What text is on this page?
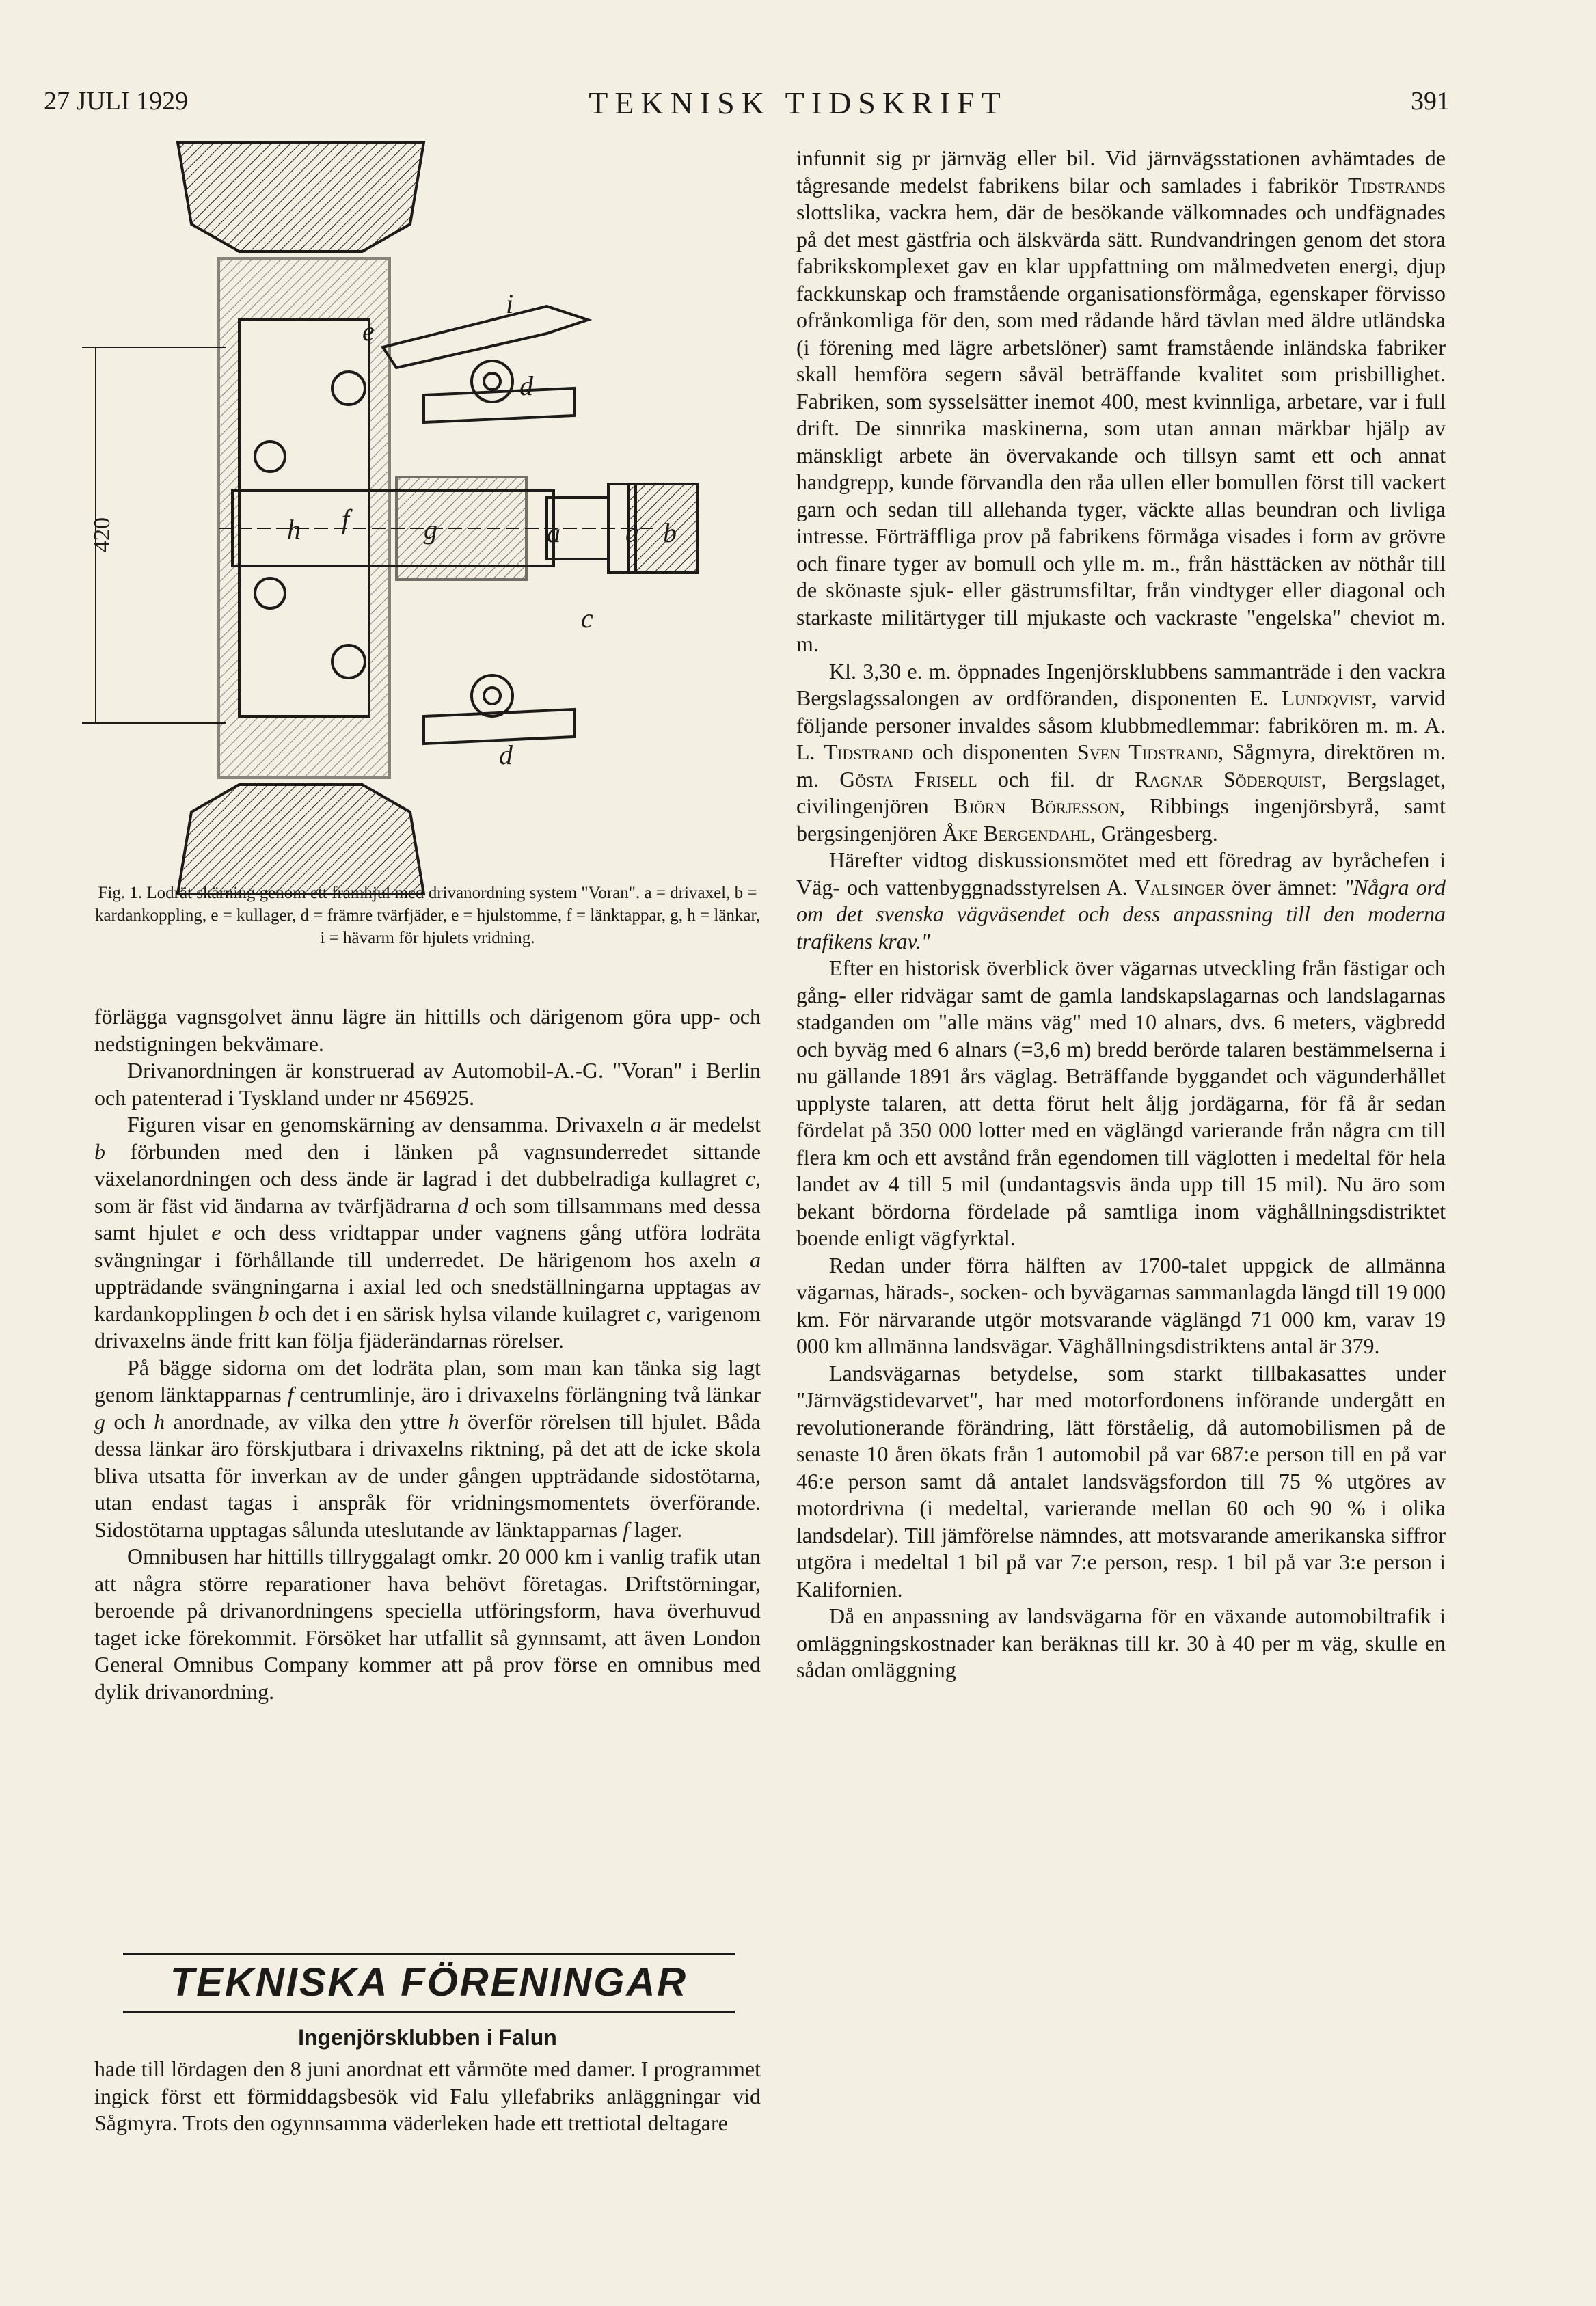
27 JULI 1929	TEKNISK TIDSKRIFT	391
e
i
d
h f	g	a a b
c
d
420
Fig. 1. Lodrät skärning genom ett framhjul med drivanordning system "Voran". a = drivaxel, b = kardankoppling, e = kullager, d = främre tvärfjäder, e = hjulstomme, f = länktappar, g, h = länkar, i = hävarm för hjulets vridning.

förlägga vagnsgolvet ännu lägre än hittills och därigenom göra upp- och nedstigningen bekvämare.

Drivanordningen är konstruerad av Automobil-A.-G. "Voran" i Berlin och patenterad i Tyskland under nr 456925.

Figuren visar en genomskärning av densamma. Drivaxeln a är medelst b förbunden med den i länken på vagnsunderredet sittande växelanordningen och dess ände är lagrad i det dubbelradiga kullagret c, som är fäst vid ändarna av tvärfjädrarna d och som tillsammans med dessa samt hjulet e och dess vridtappar under vagnens gång utföra lodräta svängningar i förhållande till underredet. De härigenom hos axeln a uppträdande svängningarna i axial led och snedställningarna upptagas av kardankopplingen b och det i en särisk hylsa vilande kuilagret c, varigenom drivaxelns ände fritt kan följa fjäderändarnas rörelser.

På bägge sidorna om det lodräta plan, som man kan tänka sig lagt genom länktapparnas f centrumlinje, äro i drivaxelns förlängning två länkar g och h anordnade, av vilka den yttre h överför rörelsen till hjulet. Båda dessa länkar äro förskjutbara i drivaxelns riktning, på det att de icke skola bliva utsatta för inverkan av de under gången uppträdande sidostötarna, utan endast tagas i anspråk för vridningsmomentets överförande. Sidostötarna upptagas sålunda uteslutande av länktapparnas f lager.

Omnibusen har hittills tillryggalagt omkr. 20 000 km i vanlig trafik utan att några större reparationer hava behövt företagas. Driftstörningar, beroende på drivanordningens speciella utföringsform, hava överhuvud taget icke förekommit. Försöket har utfallit så gynnsamt, att även London General Omnibus Company kommer att på prov förse en omnibus med dylik drivanordning.

TEKNISKA FÖRENINGAR
Ingenjörsklubben i Falun

hade till lördagen den 8 juni anordnat ett vårmöte med damer. I programmet ingick först ett förmiddagsbesök vid Falu yllefabriks anläggningar vid Sågmyra. Trots den ogynnsamma väderleken hade ett trettiotal deltagare

infunnit sig pr järnväg eller bil. Vid järnvägsstationen avhämtades de tågresande medelst fabrikens bilar och samlades i fabrikör Tidstrands slottslika, vackra hem, där de besökande välkomnades och undfägnades på det mest gästfria och älskvärda sätt. Rundvandringen genom det stora fabrikskomplexet gav en klar uppfattning om målmedveten energi, djup fackkunskap och framstående organisationsförmåga, egenskaper förvisso ofrånkomliga för den, som med rådande hård tävlan med äldre utländska (i förening med lägre arbetslöner) samt framstående inländska fabriker skall hemföra segern såväl beträffande kvalitet som prisbillighet. Fabriken, som sysselsätter inemot 400, mest kvinnliga, arbetare, var i full drift. De sinnrika maskinerna, som utan annan märkbar hjälp av mänskligt arbete än övervakande och tillsyn samt ett och annat handgrepp, kunde förvandla den råa ullen eller bomullen först till vackert garn och sedan till allehanda tyger, väckte allas beundran och livliga intresse. Förträffliga prov på fabrikens förmåga visades i form av grövre och finare tyger av bomull och ylle m. m., från hästtäcken av nöthår till de skönaste sjuk- eller gästrumsfiltar, från vindtyger eller diagonal och starkaste militärtyger till mjukaste och vackraste "engelska" cheviot m. m.

Kl. 3,30 e. m. öppnades Ingenjörsklubbens sammanträde i den vackra Bergslagssalongen av ordföranden, disponenten E. Lundqvist, varvid följande personer invaldes såsom klubbmedlemmar: fabrikören m. m. A. L. Tidstrand och disponenten Sven Tidstrand, Sågmyra, direktören m. m. Gösta Frisell och fil. dr Ragnar Söderquist, Bergslaget, civilingenjören Björn Börjesson, Ribbings ingenjörsbyrå, samt bergsingenjören Åke Bergendahl, Grängesberg.

Härefter vidtog diskussionsmötet med ett föredrag av byråchefen i Väg- och vattenbyggnadsstyrelsen A. Valsinger över ämnet: "Några ord om det svenska vägväsendet och dess anpassning till den moderna trafikens krav."

Efter en historisk överblick över vägarnas utveckling från fästigar och gång- eller ridvägar samt de gamla landskapslagarnas och landslagarnas stadganden om "alle mäns väg" med 10 alnars, dvs. 6 meters, vägbredd och byväg med 6 alnars (=3,6 m) bredd berörde talaren bestämmelserna i nu gällande 1891 års väglag. Beträffande byggandet och vägunderhållet upplyste talaren, att detta förut helt åljg jordägarna, för få år sedan fördelat på 350 000 lotter med en väglängd varierande från några cm till flera km och ett avstånd från egendomen till väglotten i medeltal för hela landet av 4 till 5 mil (undantagsvis ända upp till 15 mil). Nu äro som bekant bördorna fördelade på samtliga inom väghållningsdistriktet boende enligt vägfyrktal.

Redan under förra hälften av 1700-talet uppgick de allmänna vägarnas, härads-, socken- och byvägarnas sammanlagda längd till 19 000 km. För närvarande utgör motsvarande väglängd 71 000 km, varav 19 000 km allmänna landsvägar. Väghållningsdistriktens antal är 379.

Landsvägarnas betydelse, som starkt tillbakasattes under "Järnvägstidevarvet", har med motorfordonens införande undergått en revolutionerande förändring, lätt förståelig, då automobilismen på de senaste 10 åren ökats från 1 automobil på var 687:e person till en på var 46:e person samt då antalet landsvägsfordon till 75 % utgöres av motordrivna (i medeltal, varierande mellan 60 och 90 % i olika landsdelar). Till jämförelse nämndes, att motsvarande amerikanska siffror utgöra i medeltal 1 bil på var 7:e person, resp. 1 bil på var 3:e person i Kalifornien.

Då en anpassning av landsvägarna för en växande automobiltrafik i omläggningskostnader kan beräknas till kr. 30 à 40 per m väg, skulle en sådan omläggning
